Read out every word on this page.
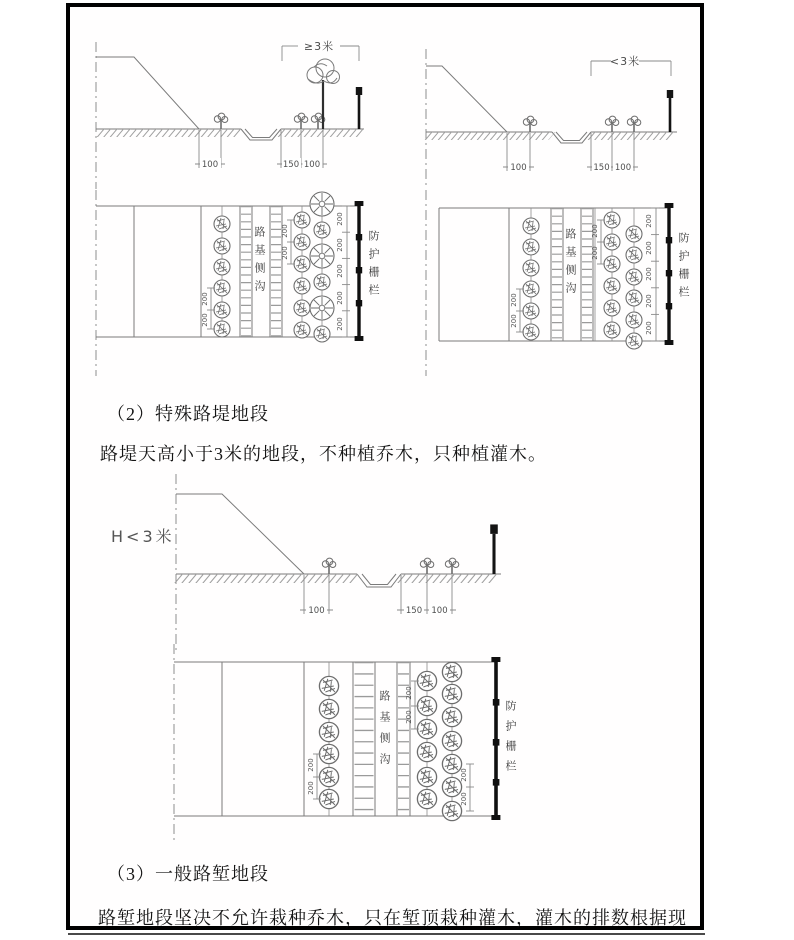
≥3米
100	150 100
<3米
100	150 100
200
200
200
200
200
200
200
200
200
路基侧沟	防护栅栏	200
200
200
200
200
200
200
200
200
路基侧沟	防护栅栏
（2）特殊路堤地段
路堤天高小于3米的地段，不种植乔木，只种植灌木。
H<3米
100	150 100
200
200
200
200
200
200
路基侧沟	防护栅栏
（3）一般路堑地段
路堑地段坚决不允许栽种乔木，只在堑顶栽种灌木，灌木的排数根据现
